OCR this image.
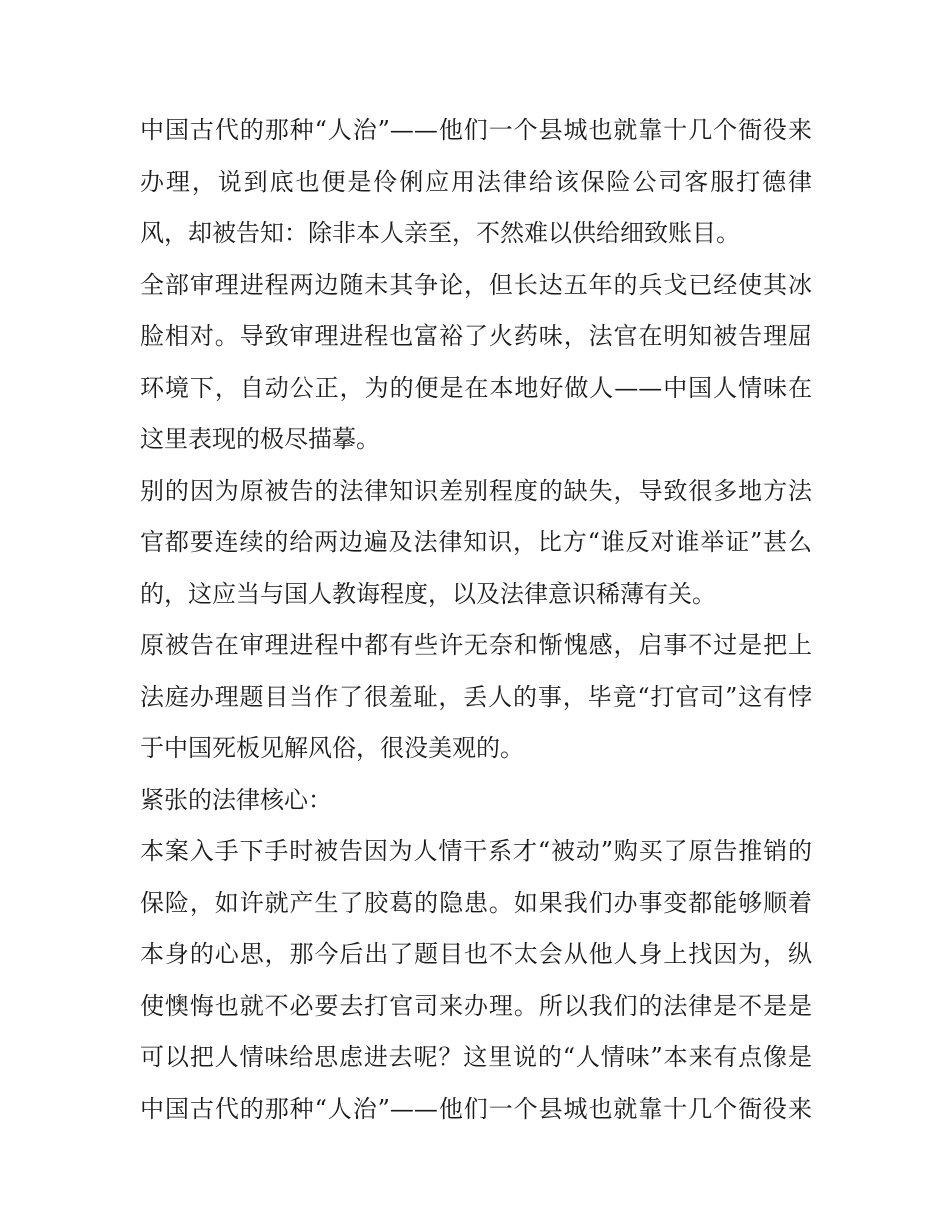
中国古代的那种“人治”——他们一个县城也就靠十几个衙役来
办理，说到底也便是伶俐应用法律给该保险公司客服打德律
风，却被告知：除非本人亲至，不然难以供给细致账目。
全部审理进程两边随未其争论，但长达五年的兵戈已经使其冰
脸相对。导致审理进程也富裕了火药味，法官在明知被告理屈
环境下，自动公正，为的便是在本地好做人——中国人情味在
这里表现的极尽描摹。
别的因为原被告的法律知识差别程度的缺失，导致很多地方法
官都要连续的给两边遍及法律知识，比方“谁反对谁举证”甚么
的，这应当与国人教诲程度，以及法律意识稀薄有关。
原被告在审理进程中都有些许无奈和惭愧感，启事不过是把上
法庭办理题目当作了很羞耻，丢人的事，毕竟“打官司”这有悖
于中国死板见解风俗，很没美观的。
紧张的法律核心：
本案入手下手时被告因为人情干系才“被动”购买了原告推销的
保险，如许就产生了胶葛的隐患。如果我们办事变都能够顺着
本身的心思，那今后出了题目也不太会从他人身上找因为，纵
使懊悔也就不必要去打官司来办理。所以我们的法律是不是是
可以把人情味给思虑进去呢？这里说的“人情味”本来有点像是
中国古代的那种“人治”——他们一个县城也就靠十几个衙役来
